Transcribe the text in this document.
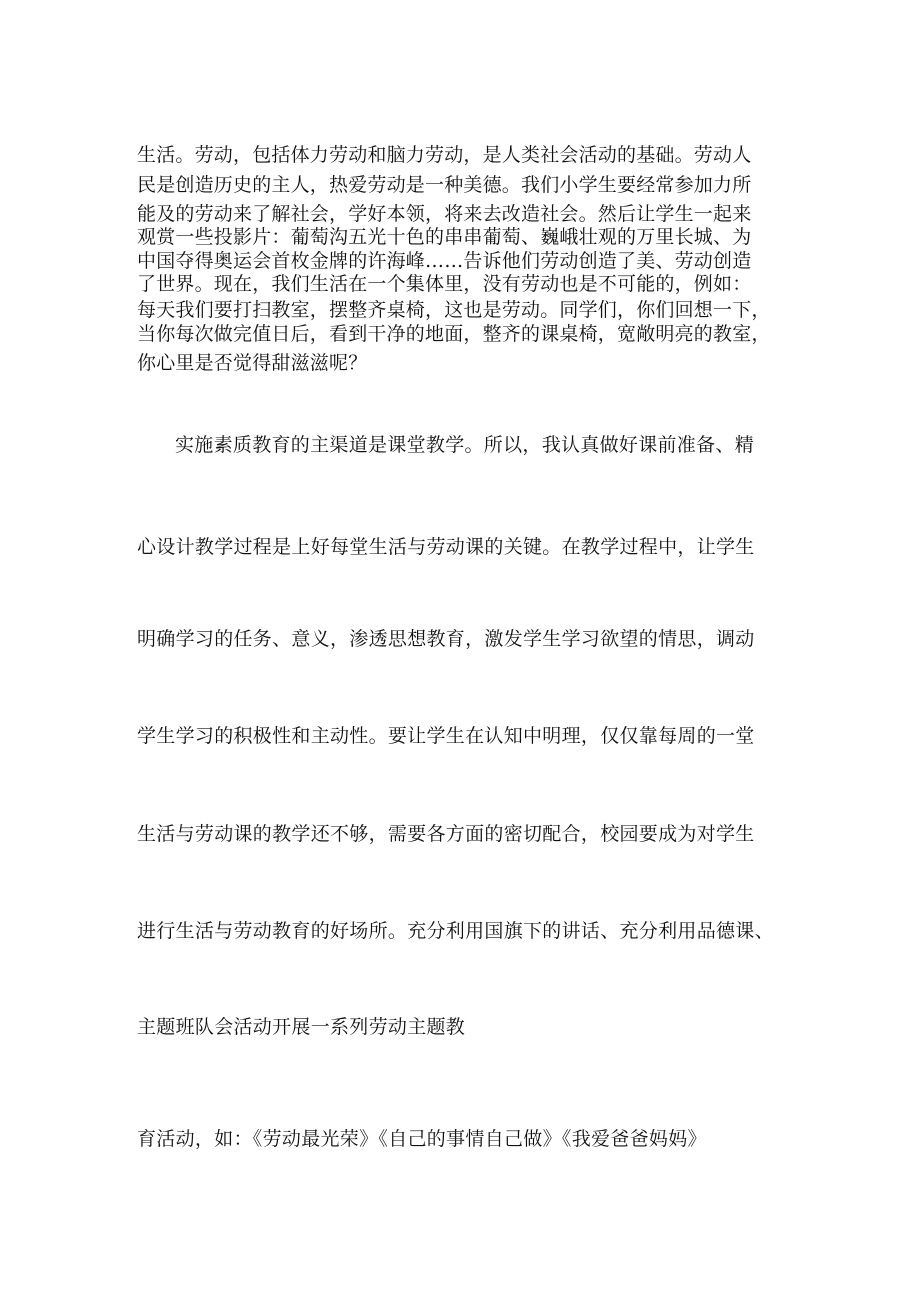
生活。劳动，包括体力劳动和脑力劳动，是人类社会活动的基础。劳动人
民是创造历史的主人，热爱劳动是一种美德。我们小学生要经常参加力所
能及的劳动来了解社会，学好本领，将来去改造社会。然后让学生一起来
观赏一些投影片：葡萄沟五光十色的串串葡萄、巍峨壮观的万里长城、为
中国夺得奥运会首枚金牌的许海峰……告诉他们劳动创造了美、劳动创造
了世界。现在，我们生活在一个集体里，没有劳动也是不可能的，例如：
每天我们要打扫教室，摆整齐桌椅，这也是劳动。同学们，你们回想一下，
当你每次做完值日后，看到干净的地面，整齐的课桌椅，宽敞明亮的教室，
你心里是否觉得甜滋滋呢？
实施素质教育的主渠道是课堂教学。所以，我认真做好课前准备、精
心设计教学过程是上好每堂生活与劳动课的关键。在教学过程中，让学生
明确学习的任务、意义，渗透思想教育，激发学生学习欲望的情思，调动
学生学习的积极性和主动性。要让学生在认知中明理，仅仅靠每周的一堂
生活与劳动课的教学还不够，需要各方面的密切配合，校园要成为对学生
进行生活与劳动教育的好场所。充分利用国旗下的讲话、充分利用品德课、
主题班队会活动开展一系列劳动主题教
育活动，如：《劳动最光荣》《自己的事情自己做》《我爱爸爸妈妈》
